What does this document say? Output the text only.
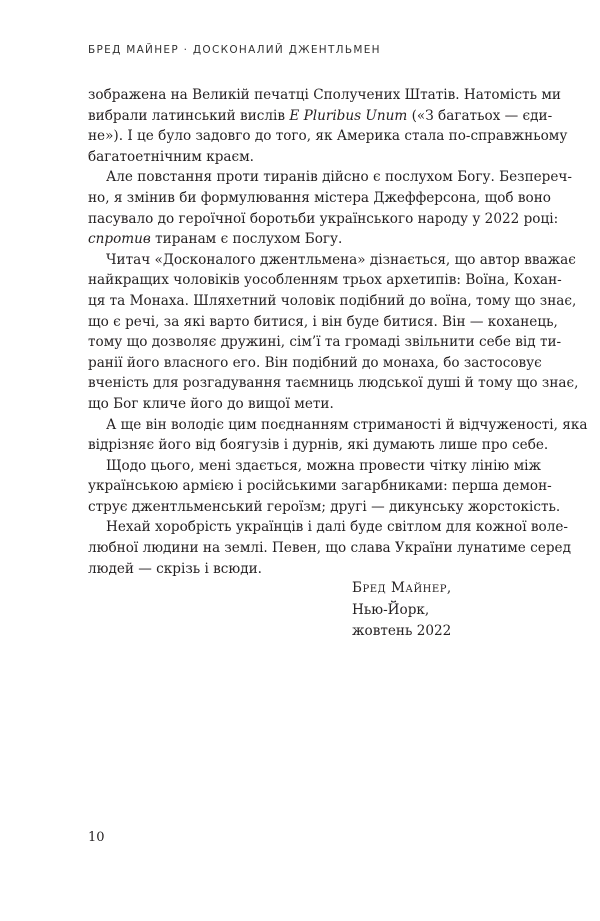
БРЕД МАЙНЕР · ДОСКОНАЛИЙ ДЖЕНТЛЬМЕН
зображена на Великій печатці Сполучених Штатів. Натомість ми
вибрали латинський вислів E Pluribus Unum («З багатьох — єди-
не»). І це було задовго до того, як Америка стала по-справжньому
багатоетнічним краєм.
Але повстання проти тиранів дійсно є послухом Богу. Безпереч-
но, я змінив би формулювання містера Джефферсона, щоб воно
пасувало до героїчної боротьби українського народу у 2022 році:
спротив тиранам є послухом Богу.
Читач «Досконалого джентльмена» дізнається, що автор вважає
найкращих чоловіків уособленням трьох архетипів: Воїна, Кохан-
ця та Монаха. Шляхетний чоловік подібний до воїна, тому що знає,
що є речі, за які варто битися, і він буде битися. Він — коханець,
тому що дозволяє дружині, сім’ї та громаді звільнити себе від ти-
ранії його власного его. Він подібний до монаха, бо застосовує
вченість для розгадування таємниць людської душі й тому що знає,
що Бог кличе його до вищої мети.
А ще він володіє цим поєднанням стриманості й відчуженості, яка
відрізняє його від боягузів і дурнів, які думають лише про себе.
Щодо цього, мені здається, можна провести чітку лінію між
українською армією і російськими загарбниками: перша демон-
струє джентльменський героїзм; другі — дикунську жорстокість.
Нехай хоробрість українців і далі буде світлом для кожної воле-
любної людини на землі. Певен, що слава України лунатиме серед
людей — скрізь і всюди.
Бред Майнер,
Нью-Йорк,
жовтень 2022
10
